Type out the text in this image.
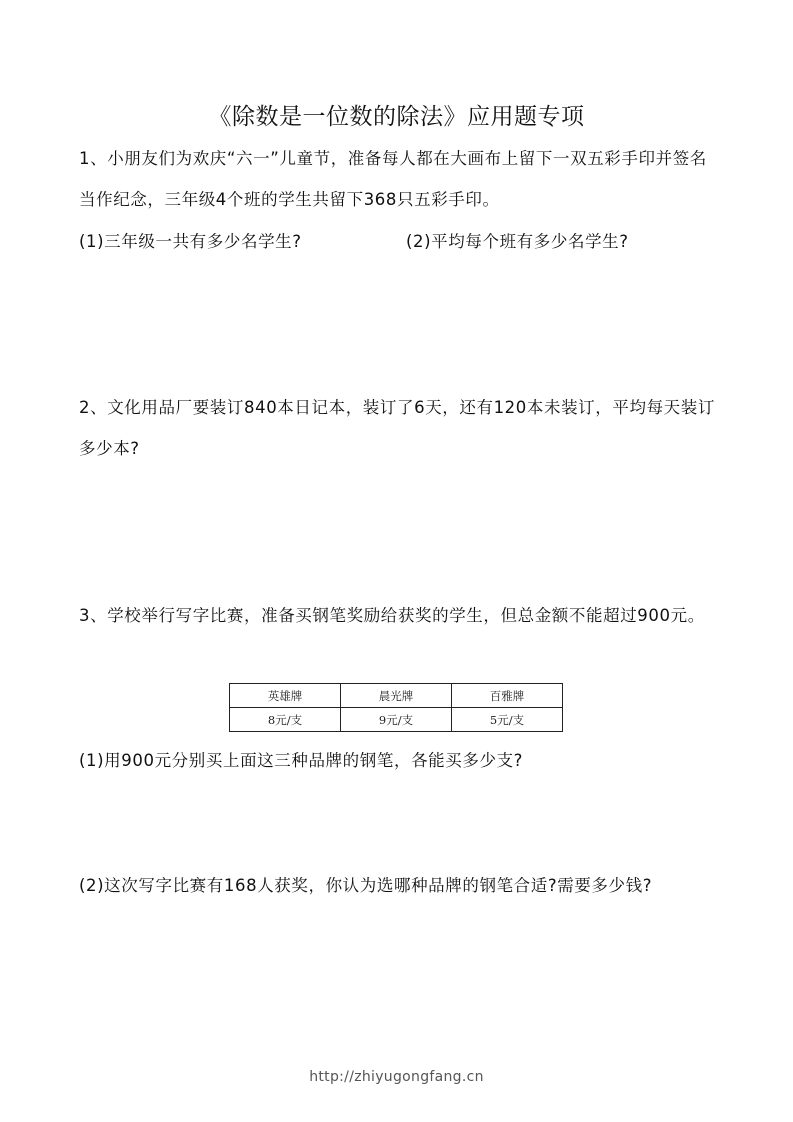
《除数是一位数的除法》应用题专项

1、小朋友们为欢庆“六一”儿童节，准备每人都在大画布上留下一双五彩手印并签名当作纪念，三年级4个班的学生共留下368只五彩手印。

(1)三年级一共有多少名学生?	(2)平均每个班有多少名学生?

2、文化用品厂要装订840本日记本，装订了6天，还有120本未装订，平均每天装订多少本?

3、学校举行写字比赛，准备买钢笔奖励给获奖的学生，但总金额不能超过900元。

英雄牌	晨光牌	百雅牌
8元/支	9元/支	5元/支
(1)用900元分别买上面这三种品牌的钢笔，各能买多少支?
(2)这次写字比赛有168人获奖，你认为选哪种品牌的钢笔合适?需要多少钱?
http://zhiyugongfang.cn
